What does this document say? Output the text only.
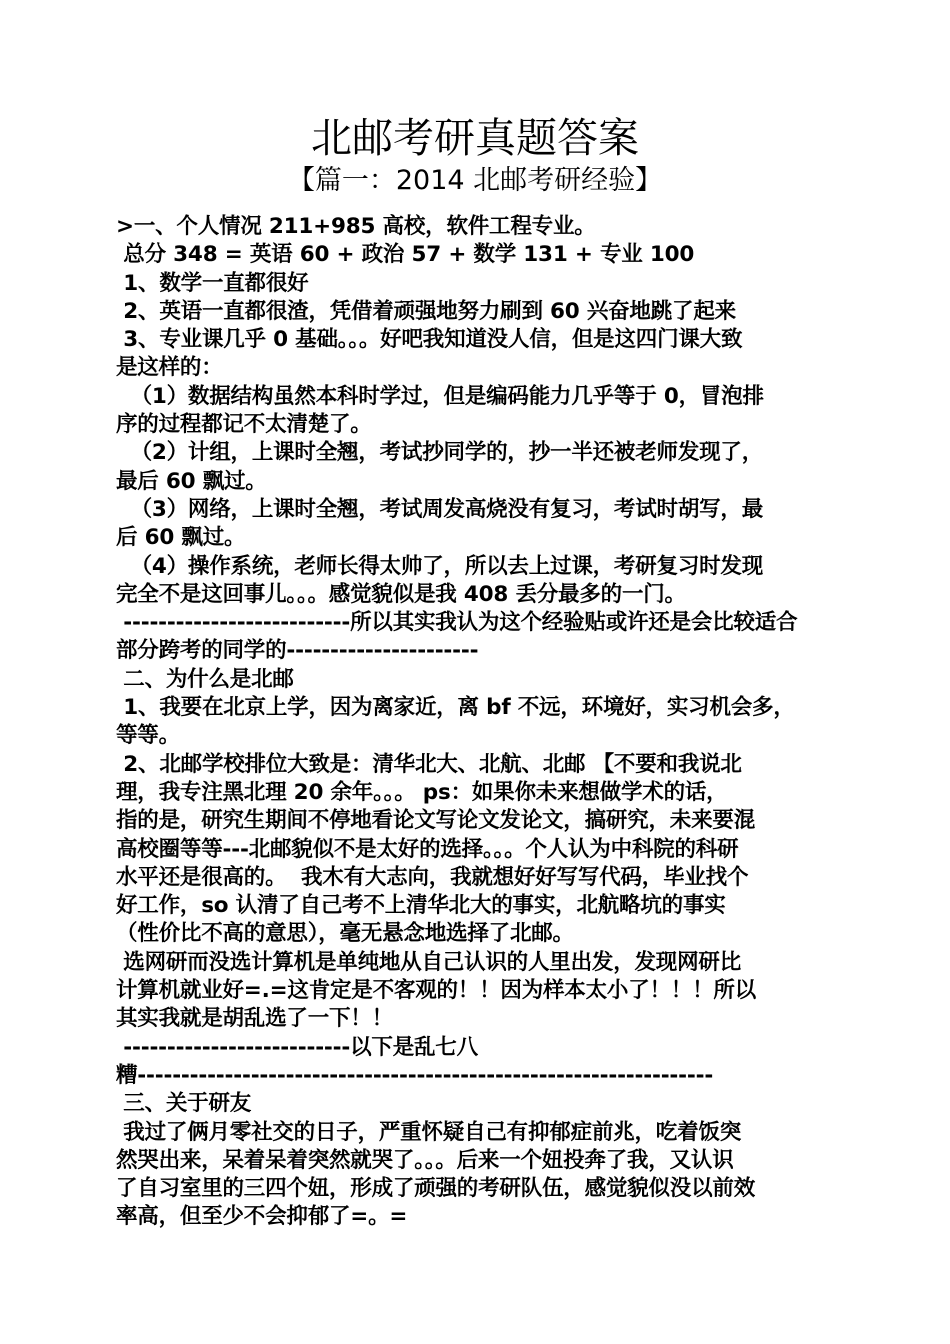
北邮考研真题答案
【篇一：2014 北邮考研经验】
>一、个人情况 211+985 高校，软件工程专业。
总分 348 = 英语 60 + 政治 57 + 数学 131 + 专业 100
1、数学一直都很好
2、英语一直都很渣，凭借着顽强地努力刷到 60 兴奋地跳了起来
3、专业课几乎 0 基础。。。好吧我知道没人信，但是这四门课大致
是这样的：
（1）数据结构虽然本科时学过，但是编码能力几乎等于 0，冒泡排
序的过程都记不太清楚了。
（2）计组，上课时全翘，考试抄同学的，抄一半还被老师发现了，
最后 60 飘过。
（3）网络，上课时全翘，考试周发高烧没有复习，考试时胡写，最
后 60 飘过。
（4）操作系统，老师长得太帅了，所以去上过课，考研复习时发现
完全不是这回事儿。。。感觉貌似是我 408 丢分最多的一门。
--------------------------所以其实我认为这个经验贴或许还是会比较适合
部分跨考的同学的----------------------
二、为什么是北邮
1、我要在北京上学，因为离家近，离 bf 不远，环境好，实习机会多，
等等。
2、北邮学校排位大致是：清华北大、北航、北邮 【不要和我说北
理，我专注黑北理 20 余年。。。 ps：如果你未来想做学术的话，
指的是，研究生期间不停地看论文写论文发论文，搞研究，未来要混
高校圈等等---北邮貌似不是太好的选择。。。个人认为中科院的科研
水平还是很高的。  我木有大志向，我就想好好写写代码，毕业找个
好工作，so 认清了自己考不上清华北大的事实，北航略坑的事实
（性价比不高的意思），毫无悬念地选择了北邮。
选网研而没选计算机是单纯地从自己认识的人里出发，发现网研比
计算机就业好=.=这肯定是不客观的！！因为样本太小了！！！所以
其实我就是胡乱选了一下！！
--------------------------以下是乱七八
糟------------------------------------------------------------------
三、关于研友
我过了俩月零社交的日子，严重怀疑自己有抑郁症前兆，吃着饭突
然哭出来，呆着呆着突然就哭了。。。后来一个妞投奔了我，又认识
了自习室里的三四个妞，形成了顽强的考研队伍，感觉貌似没以前效
率高，但至少不会抑郁了=。=
